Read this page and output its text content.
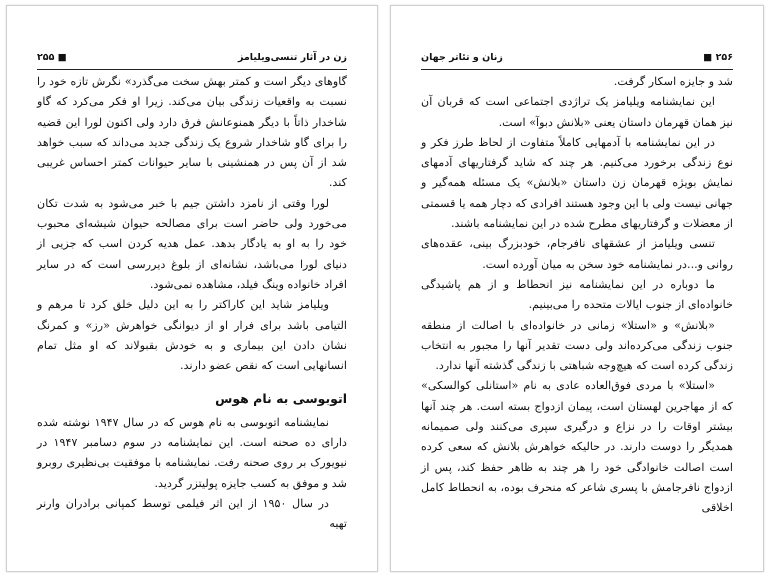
زن در آثار تنسی‌ویلیامز
■ ۲۵۵

گاوهای دیگر است و کمتر بهش سخت می‌گذرد» نگرش تازه خود را نسبت به واقعیات زندگی بیان می‌کند. زیرا او فکر می‌کرد که گاو شاخدار ذاتاً با دیگر همنوعانش فرق دارد ولی اکنون لورا این قضیه را برای گاو شاخدار شروع یک زندگی جدید می‌داند که سبب خواهد شد از آن پس در همنشینی با سایر حیوانات کمتر احساس غریبی کند.

لورا وقتی از نامزد داشتن جیم با خبر می‌شود به شدت تکان می‌خورد ولی حاضر است برای مصالحه حیوان شیشه‌ای محبوب خود را به او به یادگار بدهد. عمل هدیه کردن اسب که جزیی از دنیای لورا می‌باشد، نشانه‌ای از بلوغ دیررسی است که در سایر افراد خانواده وینگ فیلد، مشاهده نمی‌شود.

ویلیامز شاید این کاراکتر را به این دلیل خلق کرد تا مرهم و التیامی باشد برای فرار او از دیوانگی خواهرش «رز» و کمرنگ نشان دادن این بیماری و به خودش بقبولاند که او مثل تمام انسانهایی است که نقص عضو دارند.

اتوبوسی به نام هوس

نمایشنامه اتوبوسی به نام هوس که در سال ۱۹۴۷ نوشته شده دارای ده صحنه است. این نمایشنامه در سوم دسامبر ۱۹۴۷ در نیویورک بر روی صحنه رفت. نمایشنامه با موفقیت بی‌نظیری روبرو شد و موفق به کسب جایزه پولیتزر گردید.

در سال ۱۹۵۰ از این اثر فیلمی توسط کمپانی برادران وارنر تهیه

۲۵۶ ■
زنان و تئاتر جهان

شد و جایزه اسکار گرفت.

این نمایشنامه ویلیامز یک تراژدی اجتماعی است که قربان آن نیز همان قهرمان داستان یعنی «بلانش دبوآ» است.

در این نمایشنامه با آدمهایی کاملاً متفاوت از لحاظ طرز فکر و نوع زندگی برخورد می‌کنیم. هر چند که شاید گرفتاریهای آدمهای نمایش بویژه قهرمان زن داستان «بلانش» یک مسئله همه‌گیر و جهانی نیست ولی با این وجود هستند افرادی که دچار همه یا قسمتی از معضلات و گرفتاریهای مطرح شده در این نمایشنامه باشند.

تنسی ویلیامز از عشقهای نافرجام، خودبزرگ بینی، عقده‌های روانی و...در نمایشنامه خود سخن به میان آورده است.

ما دوباره در این نمایشنامه نیز انحطاط و از هم پاشیدگی خانواده‌ای از جنوب ایالات متحده را می‌بینیم.

«بلانش» و «استلا» زمانی در خانواده‌ای با اصالت از منطقه جنوب زندگی می‌کرده‌اند ولی دست تقدیر آنها را مجبور به انتخاب زندگی کرده است که هیچ‌وجه شباهتی با زندگی گذشته آنها ندارد.

«استلا» با مردی فوق‌العاده عادی به نام «استانلی کوالسکی» که از مهاجرین لهستان است، پیمان ازدواج بسته است. هر چند آنها بیشتر اوقات را در نزاع و درگیری سپری می‌کنند ولی صمیمانه همدیگر را دوست دارند. در حالیکه خواهرش بلانش که سعی کرده است اصالت خانوادگی خود را هر چند به ظاهر حفظ کند، پس از ازدواج نافرجامش با پسری شاعر که منحرف بوده، به انحطاط کامل اخلاقی
